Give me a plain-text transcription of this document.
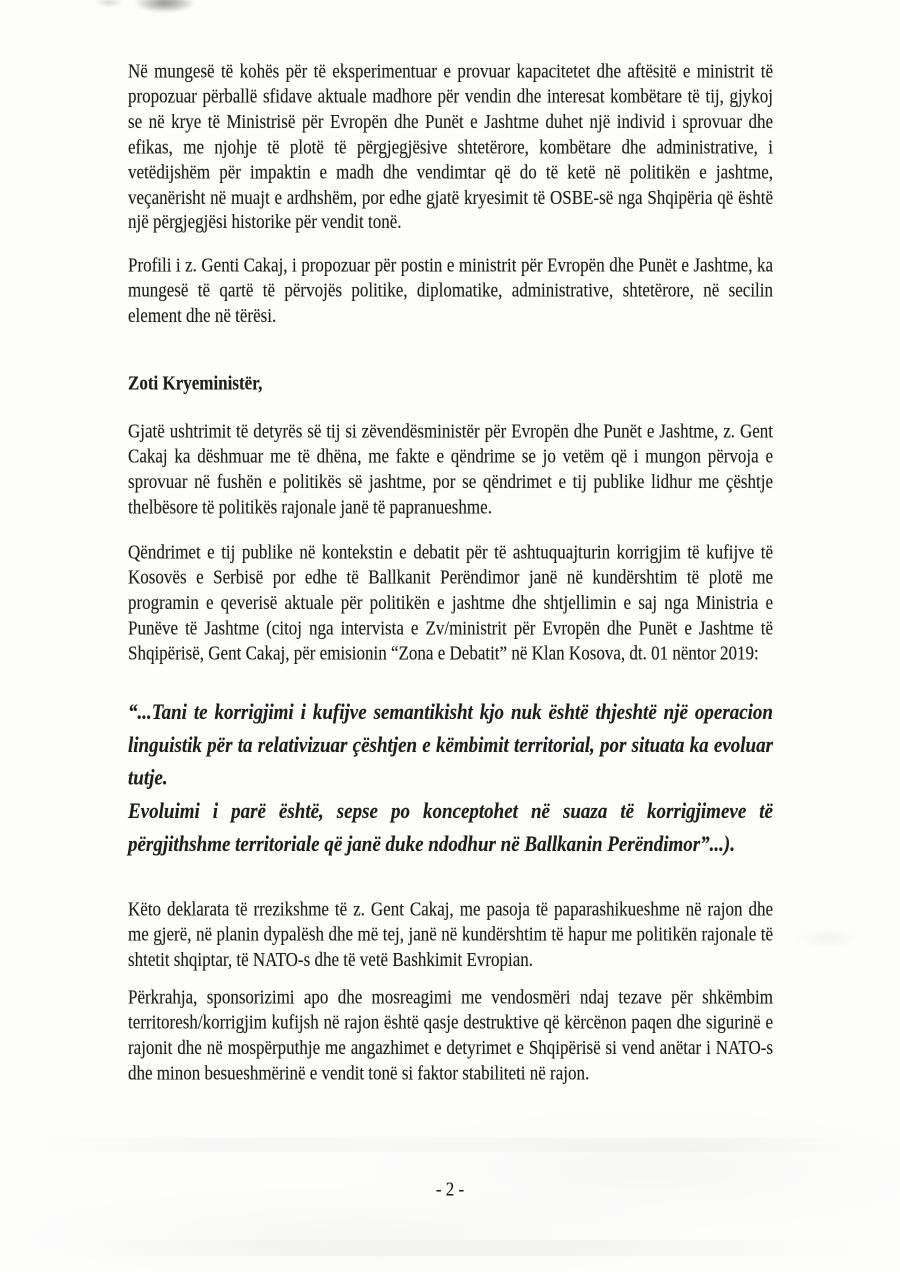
Në mungesë të kohës për të eksperimentuar e provuar kapacitetet dhe aftësitë e ministrit të propozuar përballë sfidave aktuale madhore për vendin dhe interesat kombëtare të tij, gjykoj se në krye të Ministrisë për Evropën dhe Punët e Jashtme duhet një individ i sprovuar dhe efikas, me njohje të plotë të përgjegjësive shtetërore, kombëtare dhe administrative, i vetëdijshëm për impaktin e madh dhe vendimtar që do të ketë në politikën e jashtme, veçanërisht në muajt e ardhshëm, por edhe gjatë kryesimit të OSBE-së nga Shqipëria që është një përgjegjësi historike për vendit tonë.

Profili i z. Genti Cakaj, i propozuar për postin e ministrit për Evropën dhe Punët e Jashtme, ka mungesë të qartë të përvojës politike, diplomatike, administrative, shtetërore, në secilin element dhe në tërësi.

Zoti Kryeministër,

Gjatë ushtrimit të detyrës së tij si zëvendësministër për Evropën dhe Punët e Jashtme, z. Gent Cakaj ka dëshmuar me të dhëna, me fakte e qëndrime se jo vetëm që i mungon përvoja e sprovuar në fushën e politikës së jashtme, por se qëndrimet e tij publike lidhur me çështje thelbësore të politikës rajonale janë të papranueshme.

Qëndrimet e tij publike në kontekstin e debatit për të ashtuquajturin korrigjim të kufijve të Kosovës e Serbisë por edhe të Ballkanit Perëndimor janë në kundërshtim të plotë me programin e qeverisë aktuale për politikën e jashtme dhe shtjellimin e saj nga Ministria e Punëve të Jashtme (citoj nga intervista e Zv/ministrit për Evropën dhe Punët e Jashtme të Shqipërisë, Gent Cakaj, për emisionin “Zona e Debatit” në Klan Kosova, dt. 01 nëntor 2019:

“...Tani te korrigjimi i kufijve semantikisht kjo nuk është thjeshtë një operacion linguistik për ta relativizuar çështjen e këmbimit territorial, por situata ka evoluar tutje.

Evoluimi i parë është, sepse po konceptohet në suaza të korrigjimeve të përgjithshme territoriale që janë duke ndodhur në Ballkanin Perëndimor”...).

Këto deklarata të rrezikshme të z. Gent Cakaj, me pasoja të paparashikueshme në rajon dhe me gjerë, në planin dypalësh dhe më tej, janë në kundërshtim të hapur me politikën rajonale të shtetit shqiptar, të NATO-s dhe të vetë Bashkimit Evropian.

Përkrahja, sponsorizimi apo dhe mosreagimi me vendosmëri ndaj tezave për shkëmbim territoresh/korrigjim kufijsh në rajon është qasje destruktive që kërcënon paqen dhe sigurinë e rajonit dhe në mospërputhje me angazhimet e detyrimet e Shqipërisë si vend anëtar i NATO-s dhe minon besueshmërinë e vendit tonë si faktor stabiliteti në rajon.

- 2 -
